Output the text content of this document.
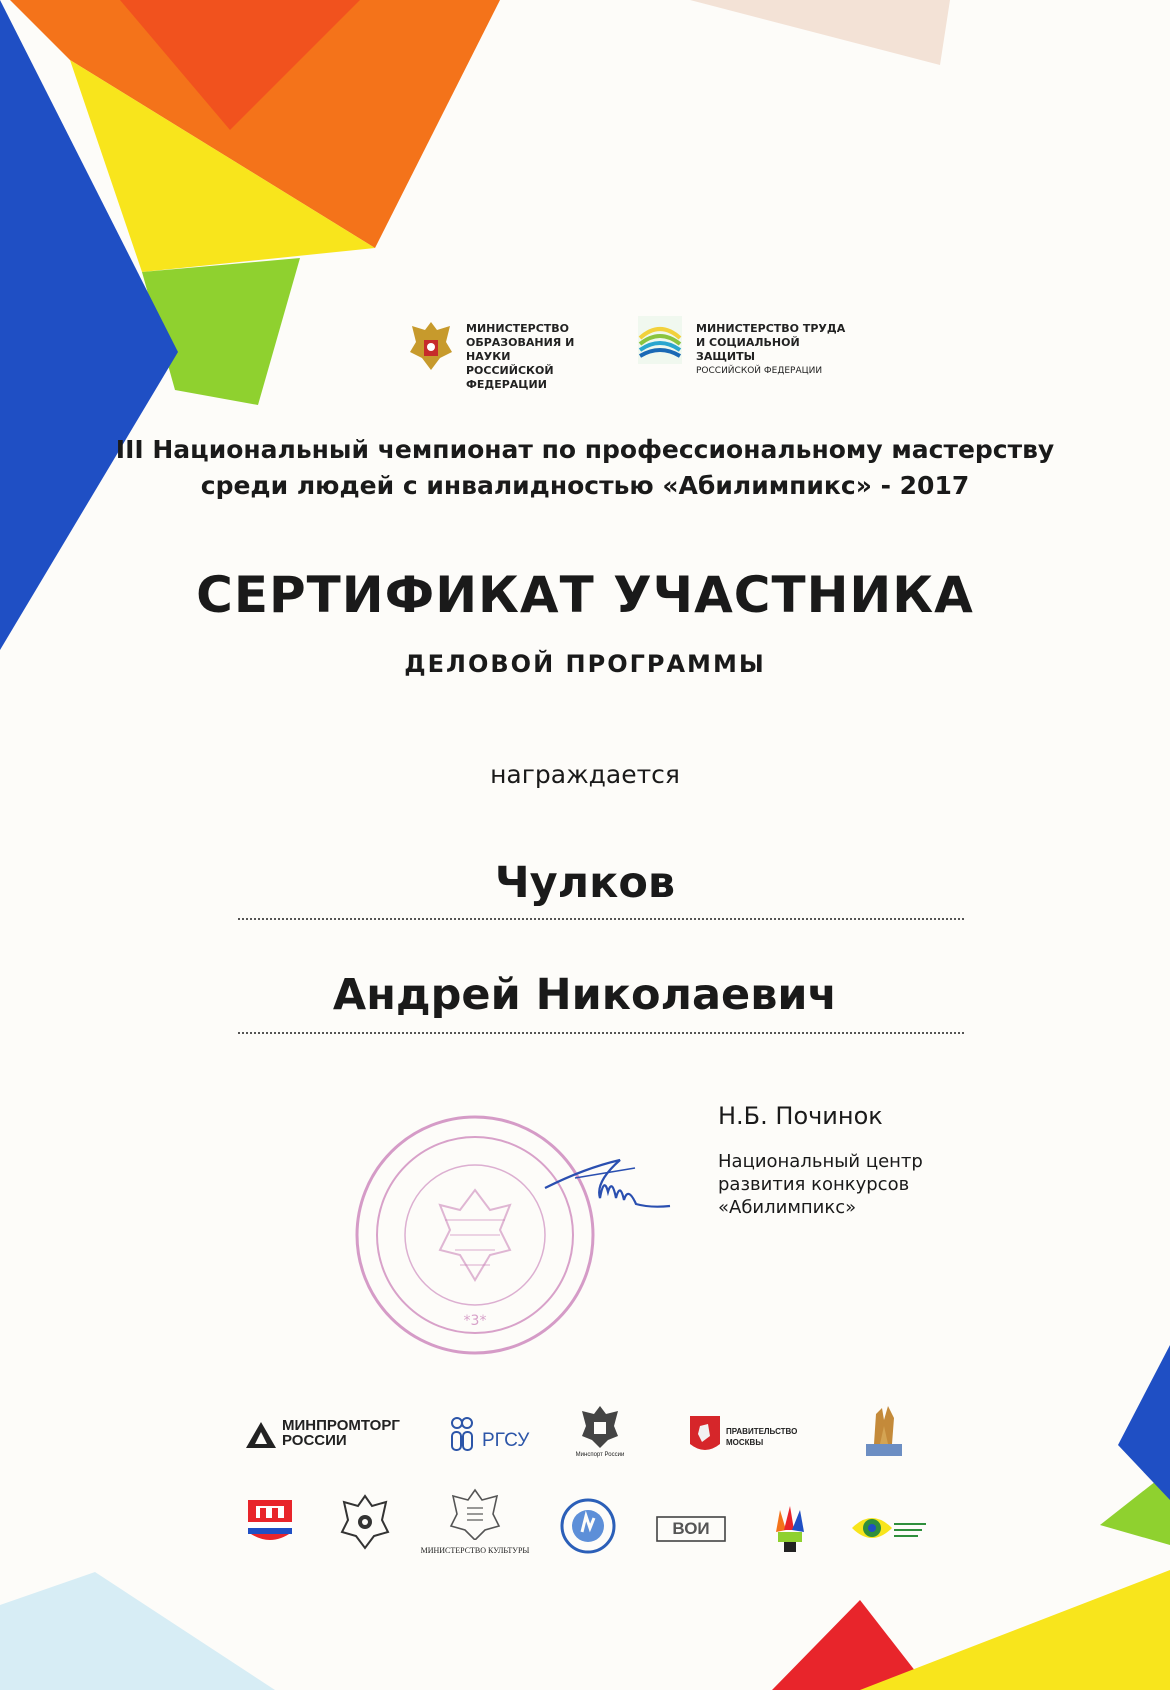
МИНИСТЕРСТВО
ОБРАЗОВАНИЯ И НАУКИ
РОССИЙСКОЙ ФЕДЕРАЦИИ
МИНИСТЕРСТВО ТРУДА
И СОЦИАЛЬНОЙ ЗАЩИТЫ
РОССИЙСКОЙ ФЕДЕРАЦИИ
III Национальный чемпионат по профессиональному мастерству
среди людей с инвалидностью «Абилимпикс» - 2017
СЕРТИФИКАТ УЧАСТНИКА
ДЕЛОВОЙ ПРОГРАММЫ
награждается
Чулков
Андрей Николаевич
*3*
Н.Б. Починок
Национальный центр
развития конкурсов
«Абилимпикс»
МИНПРОМТОРГ
РОССИИ	РГСУ
Минспорт России
ПРАВИТЕЛЬСТВО
МОСКВЫ
МИНИСТЕРСТВО КУЛЬТУРЫ
ВОИ
